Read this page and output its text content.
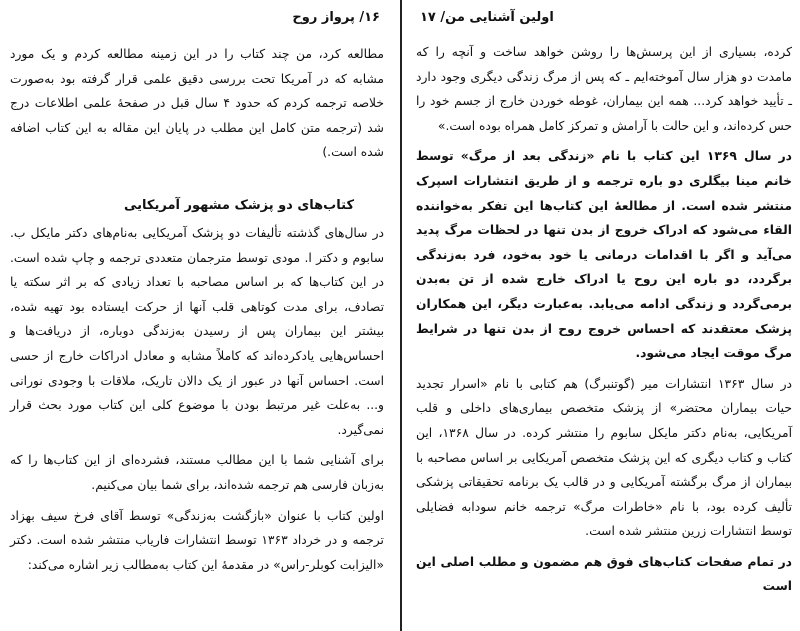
۱۶/ پرواز روح

مطالعه کرد، من چند کتاب را در این زمینه مطالعه کردم و یک مورد مشابه که در آمریکا تحت بررسی دقیق علمی قرار گرفته بود به‌صورت خلاصه ترجمه کردم که حدود ۴ سال قبل در صفحهٔ علمی اطلاعات درج شد (ترجمه متن کامل این مطلب در پایان این مقاله به این کتاب اضافه شده است.)

کتاب‌های دو پزشک مشهور آمریکایی

در سال‌های گذشته تألیفات دو پزشک آمریکایی به‌نام‌های دکتر مایکل ب. سابوم و دکتر ا. مودی توسط مترجمان متعددی ترجمه و چاپ شده است. در این کتاب‌ها که بر اساس مصاحبه با تعداد زیادی که بر اثر سکته یا تصادف، برای مدت کوتاهی قلب آنها از حرکت ایستاده بود تهیه شده، بیشتر این بیماران پس از رسیدن به‌زندگی دوباره، از دریافت‌ها و احساس‌هایی یادکرده‌اند که کاملاً مشابه و معادل ادراکات خارج از حسی است. احساس آنها در عبور از یک دالان تاریک، ملاقات با وجودی نورانی و... به‌علت غیر مرتبط بودن با موضوع کلی این کتاب مورد بحث قرار نمی‌گیرد.

برای آشنایی شما با این مطالب مستند، فشرده‌ای از این کتاب‌ها را که به‌زبان فارسی هم ترجمه شده‌اند، برای شما بیان می‌کنیم.

اولین کتاب با عنوان «بازگشت به‌زندگی» توسط آقای فرخ سیف بهزاد ترجمه و در خرداد ۱۳۶۳ توسط انتشارات فاریاب منتشر شده است. دکتر «الیزابت کوبلر-راس» در مقدمهٔ این کتاب به‌مطالب زیر اشاره می‌کند:

اولین آشنایی من/ ۱۷

کرده، بسیاری از این پرسش‌ها را روشن خواهد ساخت و آنچه را که مامدت دو هزار سال آموخته‌ایم ـ که پس از مرگ زندگی دیگری وجود دارد ـ تأیید خواهد کرد... همه این بیماران، غوطه خوردن خارج از جسم خود را حس کرده‌اند، و این حالت با آرامش و تمرکز کامل همراه بوده است.»

در سال ۱۳۶۹ این کتاب با نام «زندگی بعد از مرگ» توسط خانم مینا بیگلری دو باره ترجمه و از طریق انتشارات اسپرک منتشر شده است. از مطالعهٔ این کتاب‌ها این تفکر به‌خواننده القاء می‌شود که ادراک خروج از بدن تنها در لحظات مرگ پدید می‌آید و اگر با اقدامات درمانی یا خود به‌خود، فرد به‌زندگی برگردد، دو باره این روح یا ادراک خارج شده از تن به‌بدن برمی‌گردد و زندگی ادامه می‌یابد. به‌عبارت دیگر، این همکاران پزشک معتقدند که احساس خروج روح از بدن تنها در شرایط مرگ موقت ایجاد می‌شود.

در سال ۱۳۶۳ انتشارات میر (گوتنبرگ) هم کتابی با نام «اسرار تجدید حیات بیماران محتضر» از پزشک متخصص بیماری‌های داخلی و قلب آمریکایی، به‌نام دکتر مایکل سابوم را منتشر کرده. در سال ۱۳۶۸، این کتاب و کتاب دیگری که این پزشک متخصص آمریکایی بر اساس مصاحبه با بیماران از مرگ برگشته آمریکایی و در قالب یک برنامه تحقیقاتی پزشکی تألیف کرده بود، با نام «خاطرات مرگ» ترجمه خانم سودابه فضایلی توسط انتشارات زرین منتشر شده است.

در تمام صفحات کتاب‌های فوق هم مضمون و مطلب اصلی این است
